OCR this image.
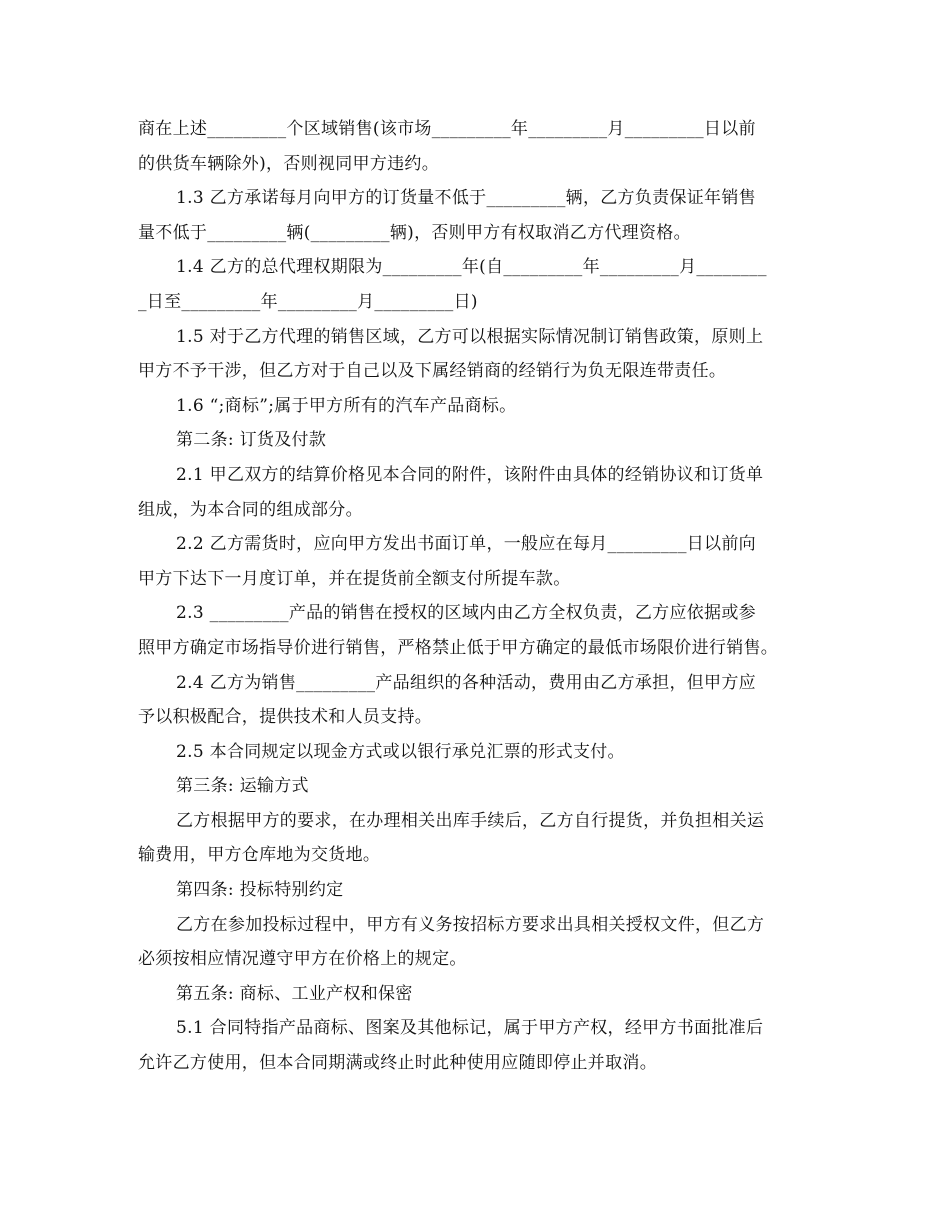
商在上述_________个区域销售(该市场_________年_________月_________日以前
的供货车辆除外)，否则视同甲方违约。
1.3 乙方承诺每月向甲方的订货量不低于_________辆，乙方负责保证年销售
量不低于_________辆(_________辆)，否则甲方有权取消乙方代理资格。
1.4 乙方的总代理权期限为_________年(自_________年_________月________
_日至_________年_________月_________日)
1.5 对于乙方代理的销售区域，乙方可以根据实际情况制订销售政策，原则上
甲方不予干涉，但乙方对于自己以及下属经销商的经销行为负无限连带责任。
1.6 “;商标”;属于甲方所有的汽车产品商标。
第二条: 订货及付款
2.1 甲乙双方的结算价格见本合同的附件，该附件由具体的经销协议和订货单
组成，为本合同的组成部分。
2.2 乙方需货时，应向甲方发出书面订单，一般应在每月_________日以前向
甲方下达下一月度订单，并在提货前全额支付所提车款。
2.3 _________产品的销售在授权的区域内由乙方全权负责，乙方应依据或参
照甲方确定市场指导价进行销售，严格禁止低于甲方确定的最低市场限价进行销售。
2.4 乙方为销售_________产品组织的各种活动，费用由乙方承担，但甲方应
予以积极配合，提供技术和人员支持。
2.5 本合同规定以现金方式或以银行承兑汇票的形式支付。
第三条: 运输方式
乙方根据甲方的要求，在办理相关出库手续后，乙方自行提货，并负担相关运
输费用，甲方仓库地为交货地。
第四条: 投标特别约定
乙方在参加投标过程中，甲方有义务按招标方要求出具相关授权文件，但乙方
必须按相应情况遵守甲方在价格上的规定。
第五条: 商标、工业产权和保密
5.1 合同特指产品商标、图案及其他标记，属于甲方产权，经甲方书面批准后
允许乙方使用，但本合同期满或终止时此种使用应随即停止并取消。
